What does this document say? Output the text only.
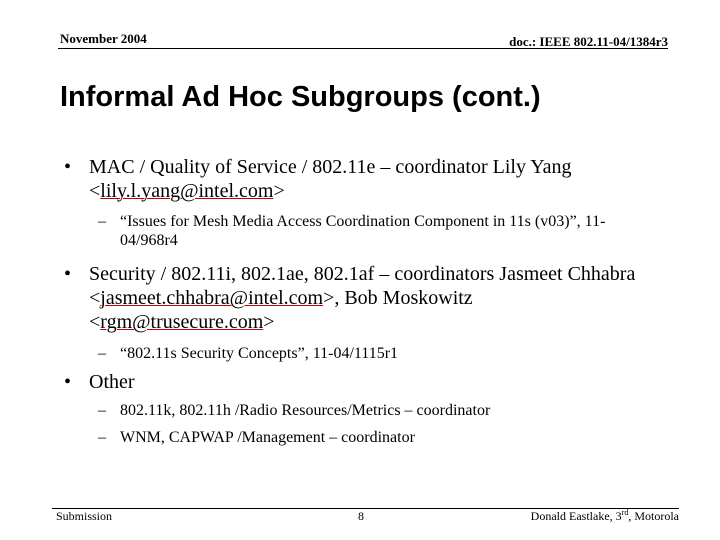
November 2004	doc.: IEEE 802.11-04/1384r3
Informal Ad Hoc Subgroups (cont.)
• MAC / Quality of Service / 802.11e – coordinator Lily Yang <lily.l.yang@intel.com>
– “Issues for Mesh Media Access Coordination Component in 11s (v03)”, 11-04/968r4
• Security / 802.11i, 802.1ae, 802.1af – coordinators Jasmeet Chhabra <jasmeet.chhabra@intel.com>, Bob Moskowitz <rgm@trusecure.com>
– “802.11s Security Concepts”, 11-04/1115r1
• Other
– 802.11k, 802.11h /Radio Resources/Metrics – coordinator
– WNM, CAPWAP /Management – coordinator
Submission	8	Donald Eastlake, 3rd, Motorola
